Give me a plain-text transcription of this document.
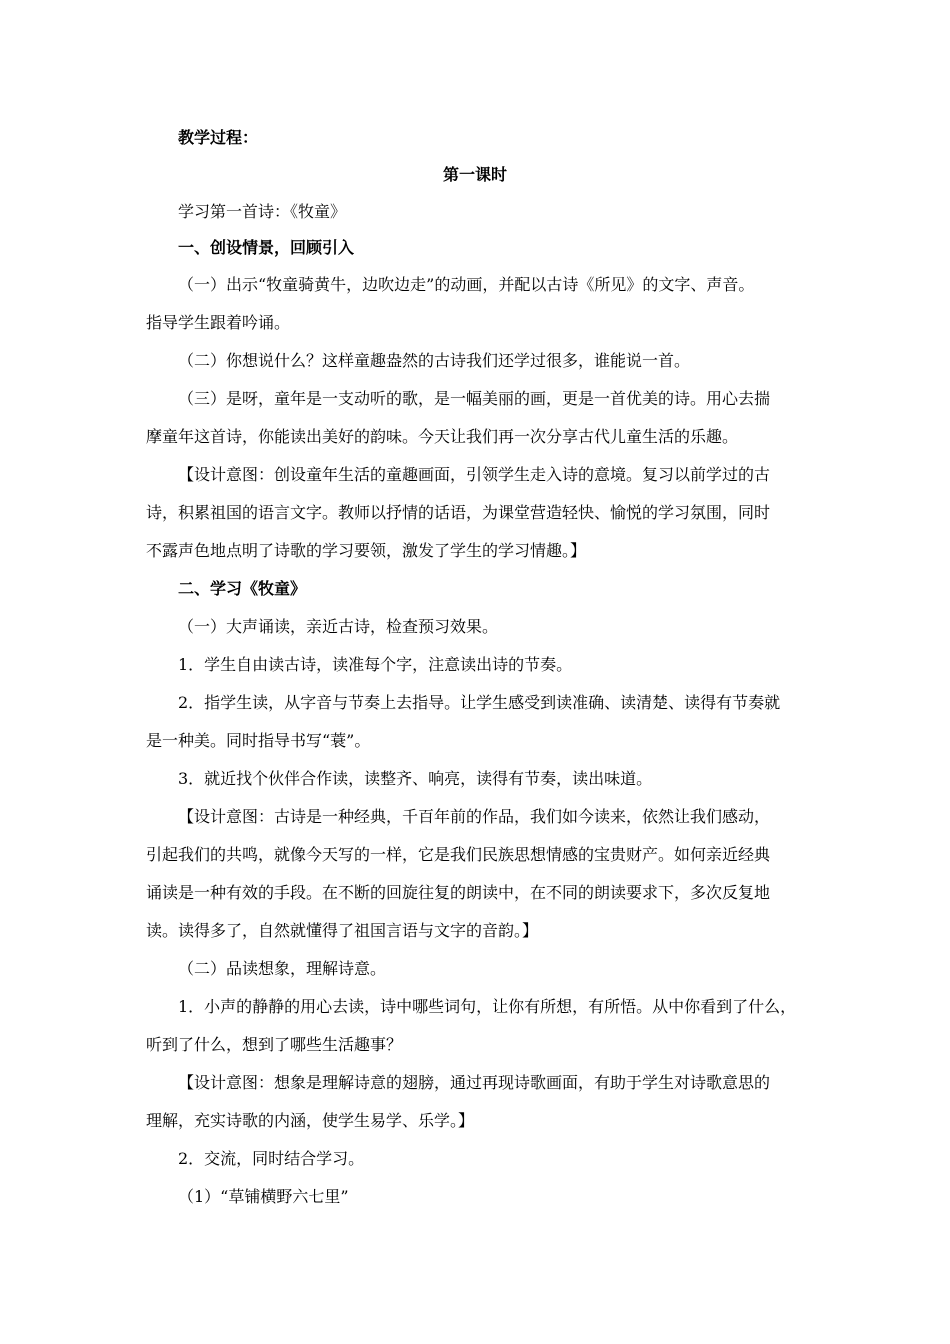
教学过程：
第一课时
学习第一首诗：《牧童》
一、创设情景，回顾引入
（一）出示“牧童骑黄牛，边吹边走”的动画，并配以古诗《所见》的文字、声音。
指导学生跟着吟诵。
（二）你想说什么？这样童趣盎然的古诗我们还学过很多，谁能说一首。
（三）是呀，童年是一支动听的歌，是一幅美丽的画，更是一首优美的诗。用心去揣
摩童年这首诗，你能读出美好的韵味。今天让我们再一次分享古代儿童生活的乐趣。
【设计意图：创设童年生活的童趣画面，引领学生走入诗的意境。复习以前学过的古
诗，积累祖国的语言文字。教师以抒情的话语，为课堂营造轻快、愉悦的学习氛围，同时
不露声色地点明了诗歌的学习要领，激发了学生的学习情趣。】
二、学习《牧童》
（一）大声诵读，亲近古诗，检查预习效果。
1．学生自由读古诗，读准每个字，注意读出诗的节奏。
2．指学生读，从字音与节奏上去指导。让学生感受到读准确、读清楚、读得有节奏就
是一种美。同时指导书写“蓑”。
3．就近找个伙伴合作读，读整齐、响亮，读得有节奏，读出味道。
【设计意图：古诗是一种经典，千百年前的作品，我们如今读来，依然让我们感动，
引起我们的共鸣，就像今天写的一样，它是我们民族思想情感的宝贵财产。如何亲近经典
诵读是一种有效的手段。在不断的回旋往复的朗读中，在不同的朗读要求下，多次反复地
读。读得多了，自然就懂得了祖国言语与文字的音韵。】
（二）品读想象，理解诗意。
1．小声的静静的用心去读，诗中哪些词句，让你有所想，有所悟。从中你看到了什么，
听到了什么，想到了哪些生活趣事？
【设计意图：想象是理解诗意的翅膀，通过再现诗歌画面，有助于学生对诗歌意思的
理解，充实诗歌的内涵，使学生易学、乐学。】
2．交流，同时结合学习。
（1）“草铺横野六七里”
